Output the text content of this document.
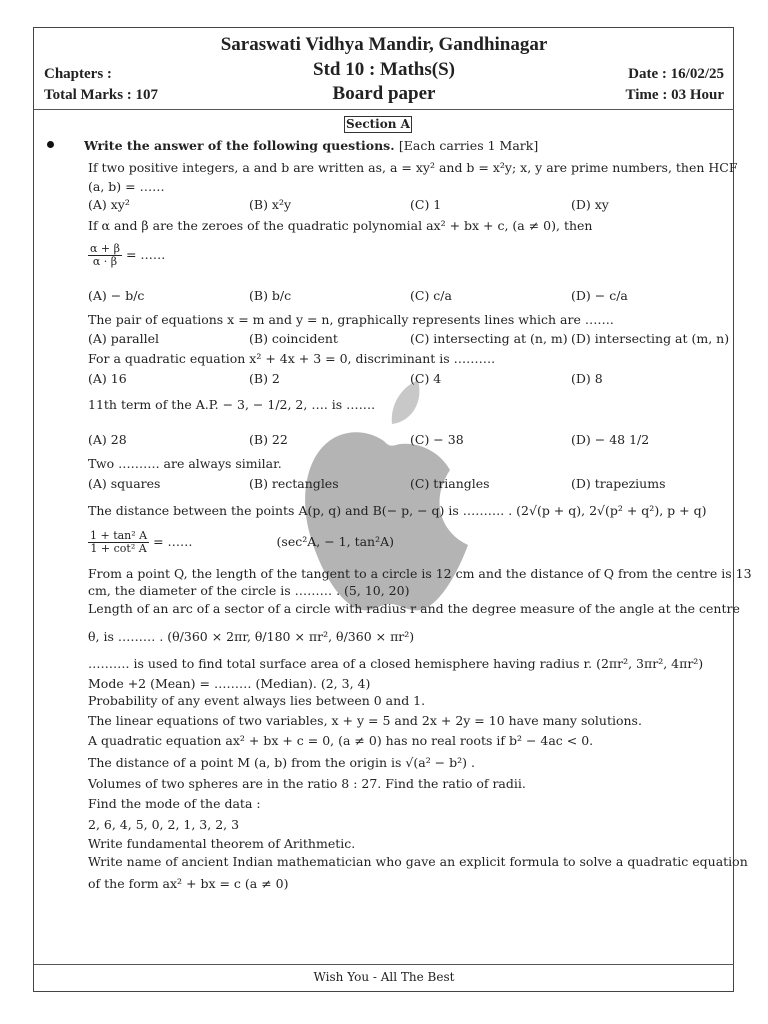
Saraswati Vidhya Mandir, Gandhinagar
Std 10 : Maths(S)
Board paper
Chapters :
Total Marks : 107
Date : 16/02/25
Time : 03 Hour
Section A
Write the answer of the following questions. [Each carries 1 Mark]
If two positive integers, a and b are written as, a = xy² and b = x²y; x, y are prime numbers, then HCF
(a, b) = ……
(A) xy²	(B) x²y	(C) 1	(D) xy
If α and β are the zeroes of the quadratic polynomial ax² + bx + c, (a ≠ 0), then
$\frac{\alpha + \beta}{\alpha \cdot \beta}$ = ……
(A) − b/c	(B) b/c	(C) c/a	(D) − c/a
The pair of equations x = m and y = n, graphically represents lines which are …….
(A) parallel	(B) coincident	(C) intersecting at (n, m) (D) intersecting at (m, n)
For a quadratic equation x² + 4x + 3 = 0, discriminant is ……….
(A) 16	(B) 2	(C) 4	(D) 8
11th term of the A.P. − 3, − 1/2, 2, …. is …….
(A) 28	(B) 22	(C) − 38	(D) − 48 1/2
Two ………. are always similar.
(A) squares	(B) rectangles	(C) triangles	(D) trapeziums
The distance between the points A(p, q) and B(− p, − q) is ………. . (2√(p + q), 2√(p² + q²), p + q)
$\frac{\text{1 + tan² A}}{\text{1 + cot² A}}$ = ……	(sec²A, − 1, tan²A)
From a point Q, the length of the tangent to a circle is 12 cm and the distance of Q from the centre is 13
cm, the diameter of the circle is ……… . (5, 10, 20)
Length of an arc of a sector of a circle with radius r and the degree measure of the angle at the centre
θ, is ……… . (θ/360 × 2πr, θ/180 × πr², θ/360 × πr²)
………. is used to find total surface area of a closed hemisphere having radius r. (2πr², 3πr², 4πr²)
Mode +2 (Mean) = ……… (Median). (2, 3, 4)
Probability of any event always lies between 0 and 1.
The linear equations of two variables, x + y = 5 and 2x + 2y = 10 have many solutions.
A quadratic equation ax² + bx + c = 0, (a ≠ 0) has no real roots if b² − 4ac < 0.
The distance of a point M (a, b) from the origin is √(a² − b²) .
Volumes of two spheres are in the ratio 8 : 27. Find the ratio of radii.
Find the mode of the data :
2, 6, 4, 5, 0, 2, 1, 3, 2, 3
Write fundamental theorem of Arithmetic.
Write name of ancient Indian mathematician who gave an explicit formula to solve a quadratic equation
of the form ax² + bx = c (a ≠ 0)
Wish You - All The Best
